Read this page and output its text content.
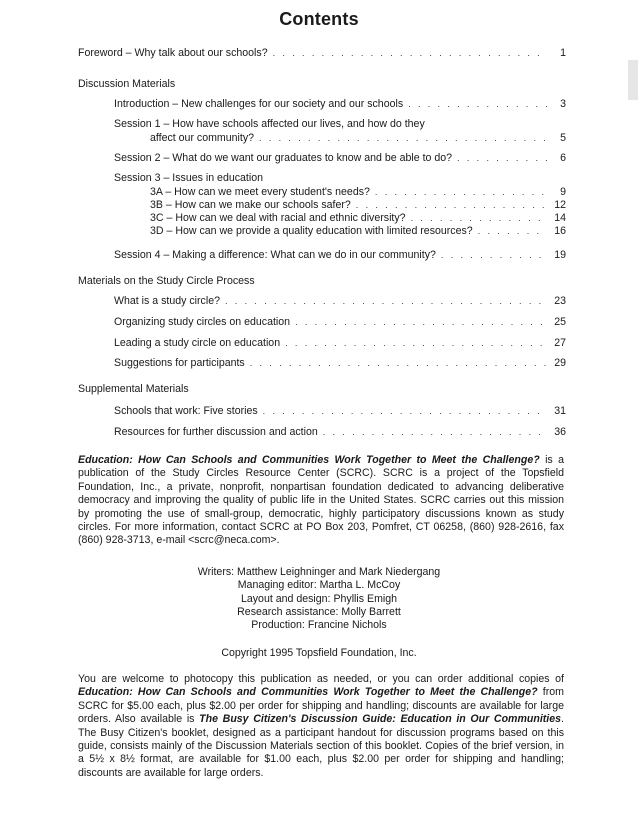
Contents
Foreword – Why talk about our schools? . . .	1
Discussion Materials
Introduction – New challenges for our society and our schools . . .	3
Session 1 – How have schools affected our lives, and how do they
affect our community? . . .	5
Session 2 – What do we want our graduates to know and be able to do? . . .	6
Session 3 – Issues in education
3A – How can we meet every student's needs? . . .	9
3B – How can we make our schools safer? . . .	12
3C – How can we deal with racial and ethnic diversity? . . .	14
3D – How can we provide a quality education with limited resources? . . .	16
Session 4 – Making a difference: What can we do in our community? . . .	19
Materials on the Study Circle Process
What is a study circle? . . .	23
Organizing study circles on education . . .	25
Leading a study circle on education . . .	27
Suggestions for participants . . .	29
Supplemental Materials
Schools that work: Five stories . . .	31
Resources for further discussion and action . . .	36

Education: How Can Schools and Communities Work Together to Meet the Challenge? is a publication of the Study Circles Resource Center (SCRC). SCRC is a project of the Topsfield Foundation, Inc., a private, nonprofit, nonpartisan foundation dedicated to advancing deliberative democracy and improving the quality of public life in the United States. SCRC carries out this mission by promoting the use of small-group, democratic, highly participatory discussions known as study circles. For more information, contact SCRC at PO Box 203, Pomfret, CT 06258, (860) 928-2616, fax (860) 928-3713, e-mail <scrc@neca.com>.

Writers: Matthew Leighninger and Mark Niedergang
Managing editor: Martha L. McCoy
Layout and design: Phyllis Emigh
Research assistance: Molly Barrett
Production: Francine Nichols
Copyright 1995 Topsfield Foundation, Inc.

You are welcome to photocopy this publication as needed, or you can order additional copies of Education: How Can Schools and Communities Work Together to Meet the Challenge? from SCRC for $5.00 each, plus $2.00 per order for shipping and handling; discounts are available for large orders. Also available is The Busy Citizen's Discussion Guide: Education in Our Communities. The Busy Citizen's booklet, designed as a participant handout for discussion programs based on this guide, consists mainly of the Discussion Materials section of this booklet. Copies of the brief version, in a 5½ x 8½ format, are available for $1.00 each, plus $2.00 per order for shipping and handling; discounts are available for large orders.
